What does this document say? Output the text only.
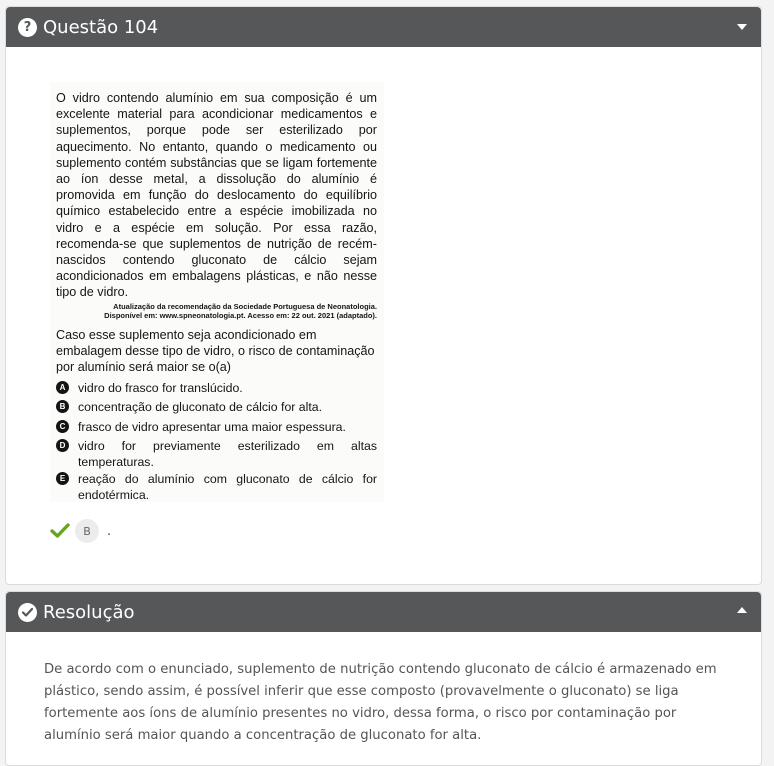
? Questão 104
O vidro contendo alumínio em sua composição é um excelente material para acondicionar medicamentos e suplementos, porque pode ser esterilizado por aquecimento. No entanto, quando o medicamento ou suplemento contém substâncias que se ligam fortemente ao íon desse metal, a dissolução do alumínio é promovida em função do deslocamento do equilíbrio químico estabelecido entre a espécie imobilizada no vidro e a espécie em solução. Por essa razão, recomenda-se que suplementos de nutrição de recém-nascidos contendo gluconato de cálcio sejam acondicionados em embalagens plásticas, e não nesse tipo de vidro.
Atualização da recomendação da Sociedade Portuguesa de Neonatologia.
Disponível em: www.spneonatologia.pt. Acesso em: 22 out. 2021 (adaptado).
Caso esse suplemento seja acondicionado em embalagem desse tipo de vidro, o risco de contaminação por alumínio será maior se o(a)
A vidro do frasco for translúcido.
B concentração de gluconato de cálcio for alta.
C frasco de vidro apresentar uma maior espessura.
D vidro for previamente esterilizado em altas temperaturas.
E	reação do alumínio com gluconato de cálcio for endotérmica.
B	.
Resolução
De acordo com o enunciado, suplemento de nutrição contendo gluconato de cálcio é armazenado em plástico, sendo assim, é possível inferir que esse composto (provavelmente o gluconato) se liga fortemente aos íons de alumínio presentes no vidro, dessa forma, o risco por contaminação por alumínio será maior quando a concentração de gluconato for alta.
